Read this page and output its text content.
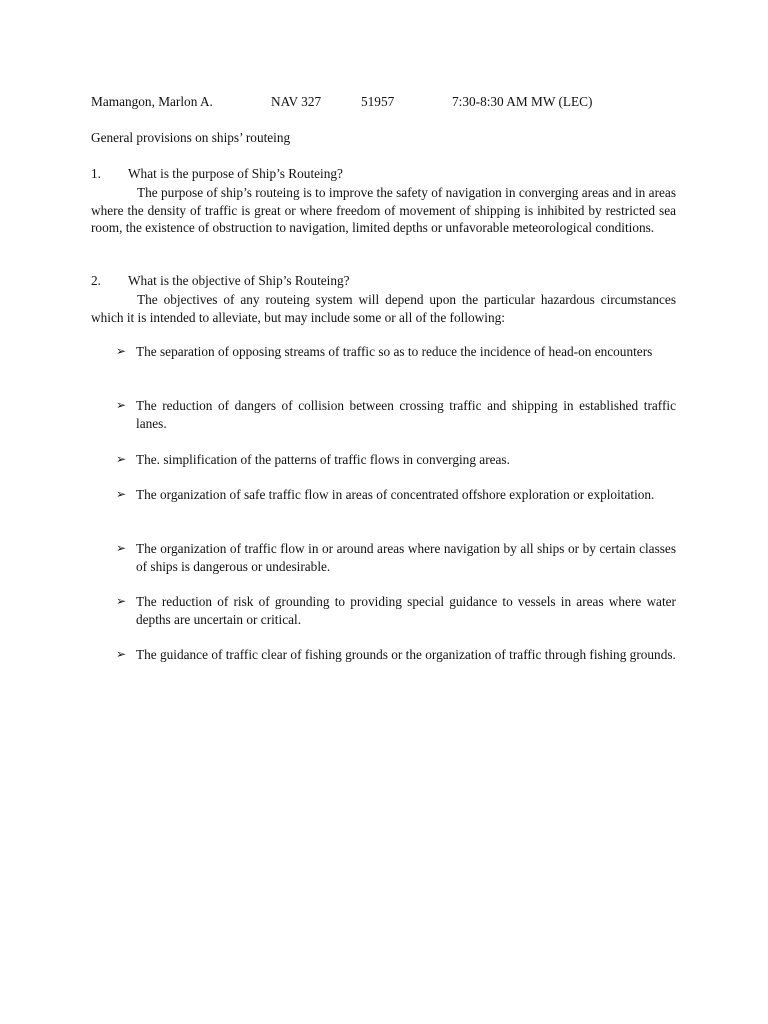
Mamangon, Marlon A.	NAV 327	51957	7:30-8:30 AM MW (LEC)
General provisions on ships’ routeing
1. What is the purpose of Ship’s Routeing?

The purpose of ship’s routeing is to improve the safety of navigation in converging areas and in areas where the density of traffic is great or where freedom of movement of shipping is inhibited by restricted sea room, the existence of obstruction to navigation, limited depths or unfavorable meteorological conditions.

2. What is the objective of Ship’s Routeing?

The objectives of any routeing system will depend upon the particular hazardous circumstances which it is intended to alleviate, but may include some or all of the following:

➢ The separation of opposing streams of traffic so as to reduce the incidence of head-on encounters
➢ The reduction of dangers of collision between crossing traffic and shipping in established traffic lanes.
➢ The. simplification of the patterns of traffic flows in converging areas.
➢ The organization of safe traffic flow in areas of concentrated offshore exploration or exploitation.
➢ The organization of traffic flow in or around areas where navigation by all ships or by certain classes of ships is dangerous or undesirable.
➢ The reduction of risk of grounding to providing special guidance to vessels in areas where water depths are uncertain or critical.
➢ The guidance of traffic clear of fishing grounds or the organization of traffic through fishing grounds.
